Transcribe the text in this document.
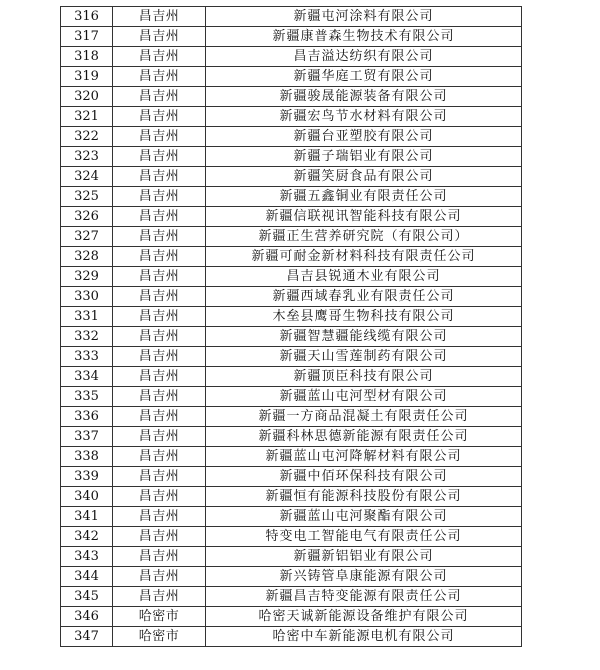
316	昌吉州	新疆屯河涂料有限公司
317	昌吉州	新疆康普森生物技术有限公司
318	昌吉州	昌吉溢达纺织有限公司
319	昌吉州	新疆华庭工贸有限公司
320	昌吉州	新疆骏晟能源装备有限公司
321	昌吉州	新疆宏鸟节水材料有限公司
322	昌吉州	新疆台亚塑胶有限公司
323	昌吉州	新疆子瑞铝业有限公司
324	昌吉州	新疆笑厨食品有限公司
325	昌吉州	新疆五鑫铜业有限责任公司
326	昌吉州	新疆信联视讯智能科技有限公司
327	昌吉州	新疆正生营养研究院（有限公司）
328	昌吉州	新疆可耐金新材料科技有限责任公司
329	昌吉州	昌吉县锐通木业有限公司
330	昌吉州	新疆西域春乳业有限责任公司
331	昌吉州	木垒县鹰哥生物科技有限公司
332	昌吉州	新疆智慧疆能线缆有限公司
333	昌吉州	新疆天山雪莲制药有限公司
334	昌吉州	新疆顶臣科技有限公司
335	昌吉州	新疆蓝山屯河型材有限公司
336	昌吉州	新疆一方商品混凝土有限责任公司
337	昌吉州	新疆科林思德新能源有限责任公司
338	昌吉州	新疆蓝山屯河降解材料有限公司
339	昌吉州	新疆中佰环保科技有限公司
340	昌吉州	新疆恒有能源科技股份有限公司
341	昌吉州	新疆蓝山屯河聚酯有限公司
342	昌吉州	特变电工智能电气有限责任公司
343	昌吉州	新疆新铝铝业有限公司
344	昌吉州	新兴铸管阜康能源有限公司
345	昌吉州	新疆昌吉特变能源有限责任公司
346	哈密市	哈密天诚新能源设备维护有限公司
347	哈密市	哈密中车新能源电机有限公司
